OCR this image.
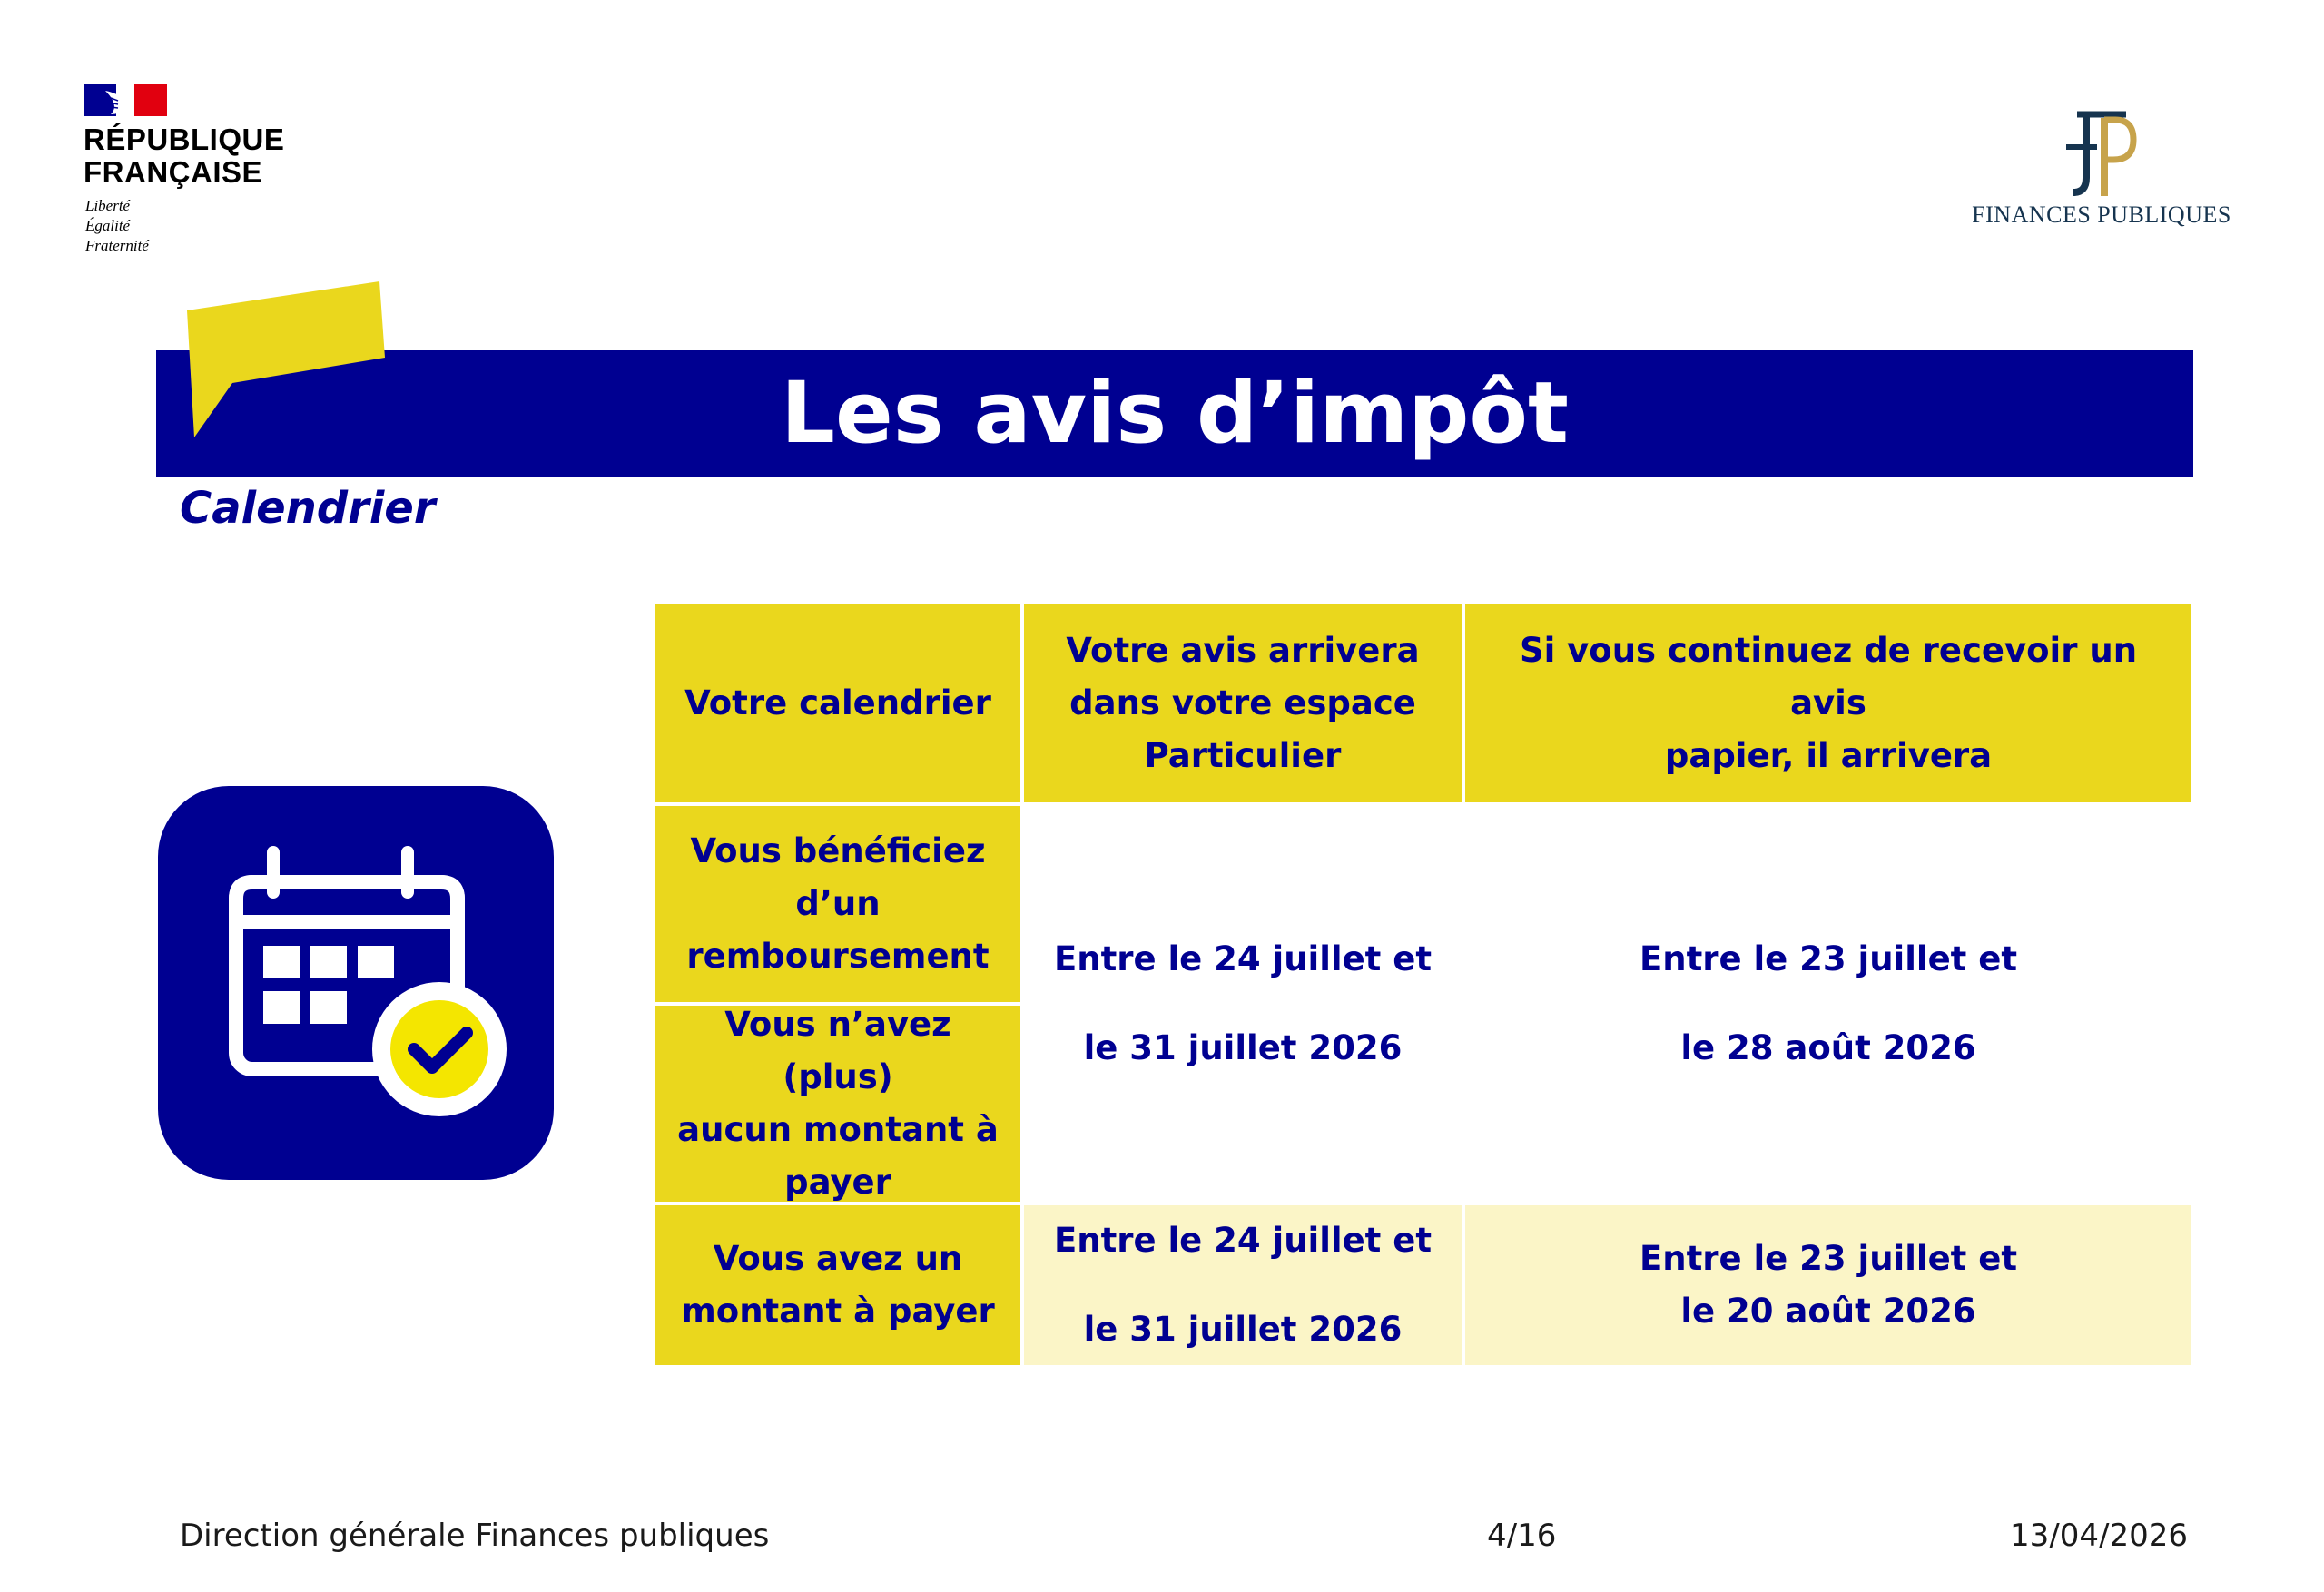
RÉPUBLIQUE
FRANÇAISE
Liberté
Égalité
Fraternité
FINANCES PUBLIQUES
Les avis d’impôt
Calendrier
Votre calendrier
Votre avis arrivera
dans votre espace
Particulier
Si vous continuez de recevoir un avis
papier, il arrivera
Vous bénéficiez
d’un
remboursement
Vous n’avez (plus)
aucun montant à
payer
Vous avez un
montant à payer
Entre le 24 juillet et
le 31 juillet 2026
Entre le 23 juillet et
le 28 août 2026
Entre le 24 juillet et
le 31 juillet 2026
Entre le 23 juillet et
le 20 août 2026
Direction générale Finances publiques	4/16	13/04/2026
